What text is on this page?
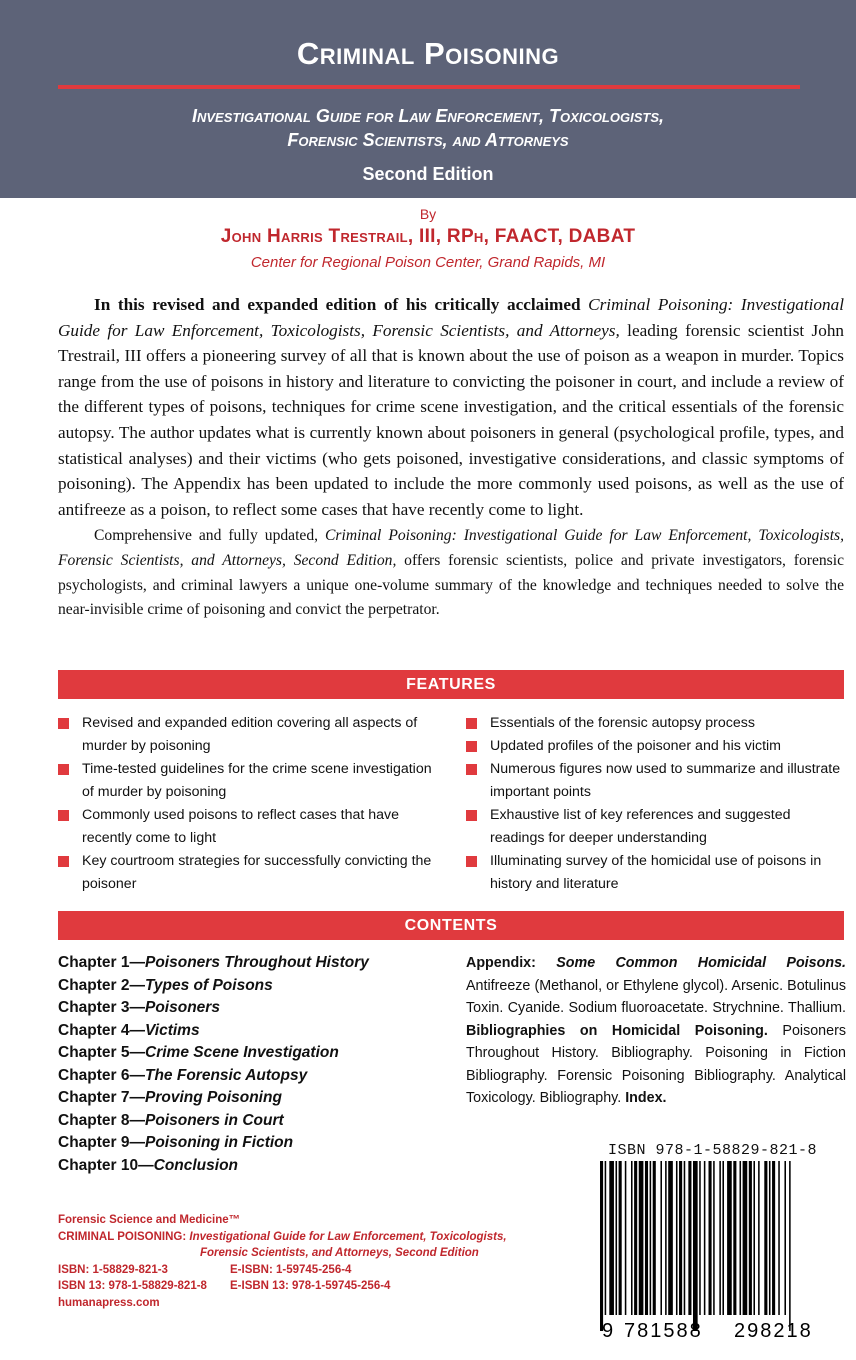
Criminal Poisoning
Investigational Guide for Law Enforcement, Toxicologists,
Forensic Scientists, and Attorneys
Second Edition
By
John Harris Trestrail, III, RPh, FAACT, DABAT
Center for Regional Poison Center, Grand Rapids, MI

In this revised and expanded edition of his critically acclaimed Criminal Poisoning: Investigational Guide for Law Enforcement, Toxicologists, Forensic Scientists, and Attorneys, leading forensic scientist John Trestrail, III offers a pioneering survey of all that is known about the use of poison as a weapon in murder. Topics range from the use of poisons in history and literature to convicting the poisoner in court, and include a review of the different types of poisons, techniques for crime scene investigation, and the critical essentials of the forensic autopsy. The author updates what is currently known about poisoners in general (psychological profile, types, and statistical analyses) and their victims (who gets poisoned, investigative considerations, and classic symptoms of poisoning). The Appendix has been updated to include the more commonly used poisons, as well as the use of antifreeze as a poison, to reflect some cases that have recently come to light.

Comprehensive and fully updated, Criminal Poisoning: Investigational Guide for Law Enforcement, Toxicologists, Forensic Scientists, and Attorneys, Second Edition, offers forensic scientists, police and private investigators, forensic psychologists, and criminal lawyers a unique one-volume summary of the knowledge and techniques needed to solve the near-invisible crime of poisoning and convict the perpetrator.

FEATURES
Revised and expanded edition covering all aspects of murder by poisoning
Time-tested guidelines for the crime scene investigation of murder by poisoning
Commonly used poisons to reflect cases that have recently come to light
Key courtroom strategies for successfully convicting the poisoner
Essentials of the forensic autopsy process
Updated profiles of the poisoner and his victim
Numerous figures now used to summarize and illustrate important points
Exhaustive list of key references and suggested readings for deeper understanding
Illuminating survey of the homicidal use of poisons in history and literature
CONTENTS
Chapter 1—Poisoners Throughout History
Chapter 2—Types of Poisons
Chapter 3—Poisoners
Chapter 4—Victims
Chapter 5—Crime Scene Investigation
Chapter 6—The Forensic Autopsy
Chapter 7—Proving Poisoning
Chapter 8—Poisoners in Court
Chapter 9—Poisoning in Fiction
Chapter 10—Conclusion
Appendix: Some Common Homicidal Poisons. Antifreeze (Methanol, or Ethylene glycol). Arsenic. Botulinus Toxin. Cyanide. Sodium fluoroacetate. Strychnine. Thallium. Bibliographies on Homicidal Poisoning. Poisoners Throughout History. Bibliography. Poisoning in Fiction Bibliography. Forensic Poisoning Bibliography. Analytical Toxicology. Bibliography. Index.
ISBN 978-1-58829-821-8
9 781588 298218
Forensic Science and Medicine™
CRIMINAL POISONING: Investigational Guide for Law Enforcement, Toxicologists,
Forensic Scientists, and Attorneys, Second Edition
ISBN: 1-58829-821-3	E-ISBN: 1-59745-256-4
ISBN 13: 978-1-58829-821-8 E-ISBN 13: 978-1-59745-256-4
humanapress.com
